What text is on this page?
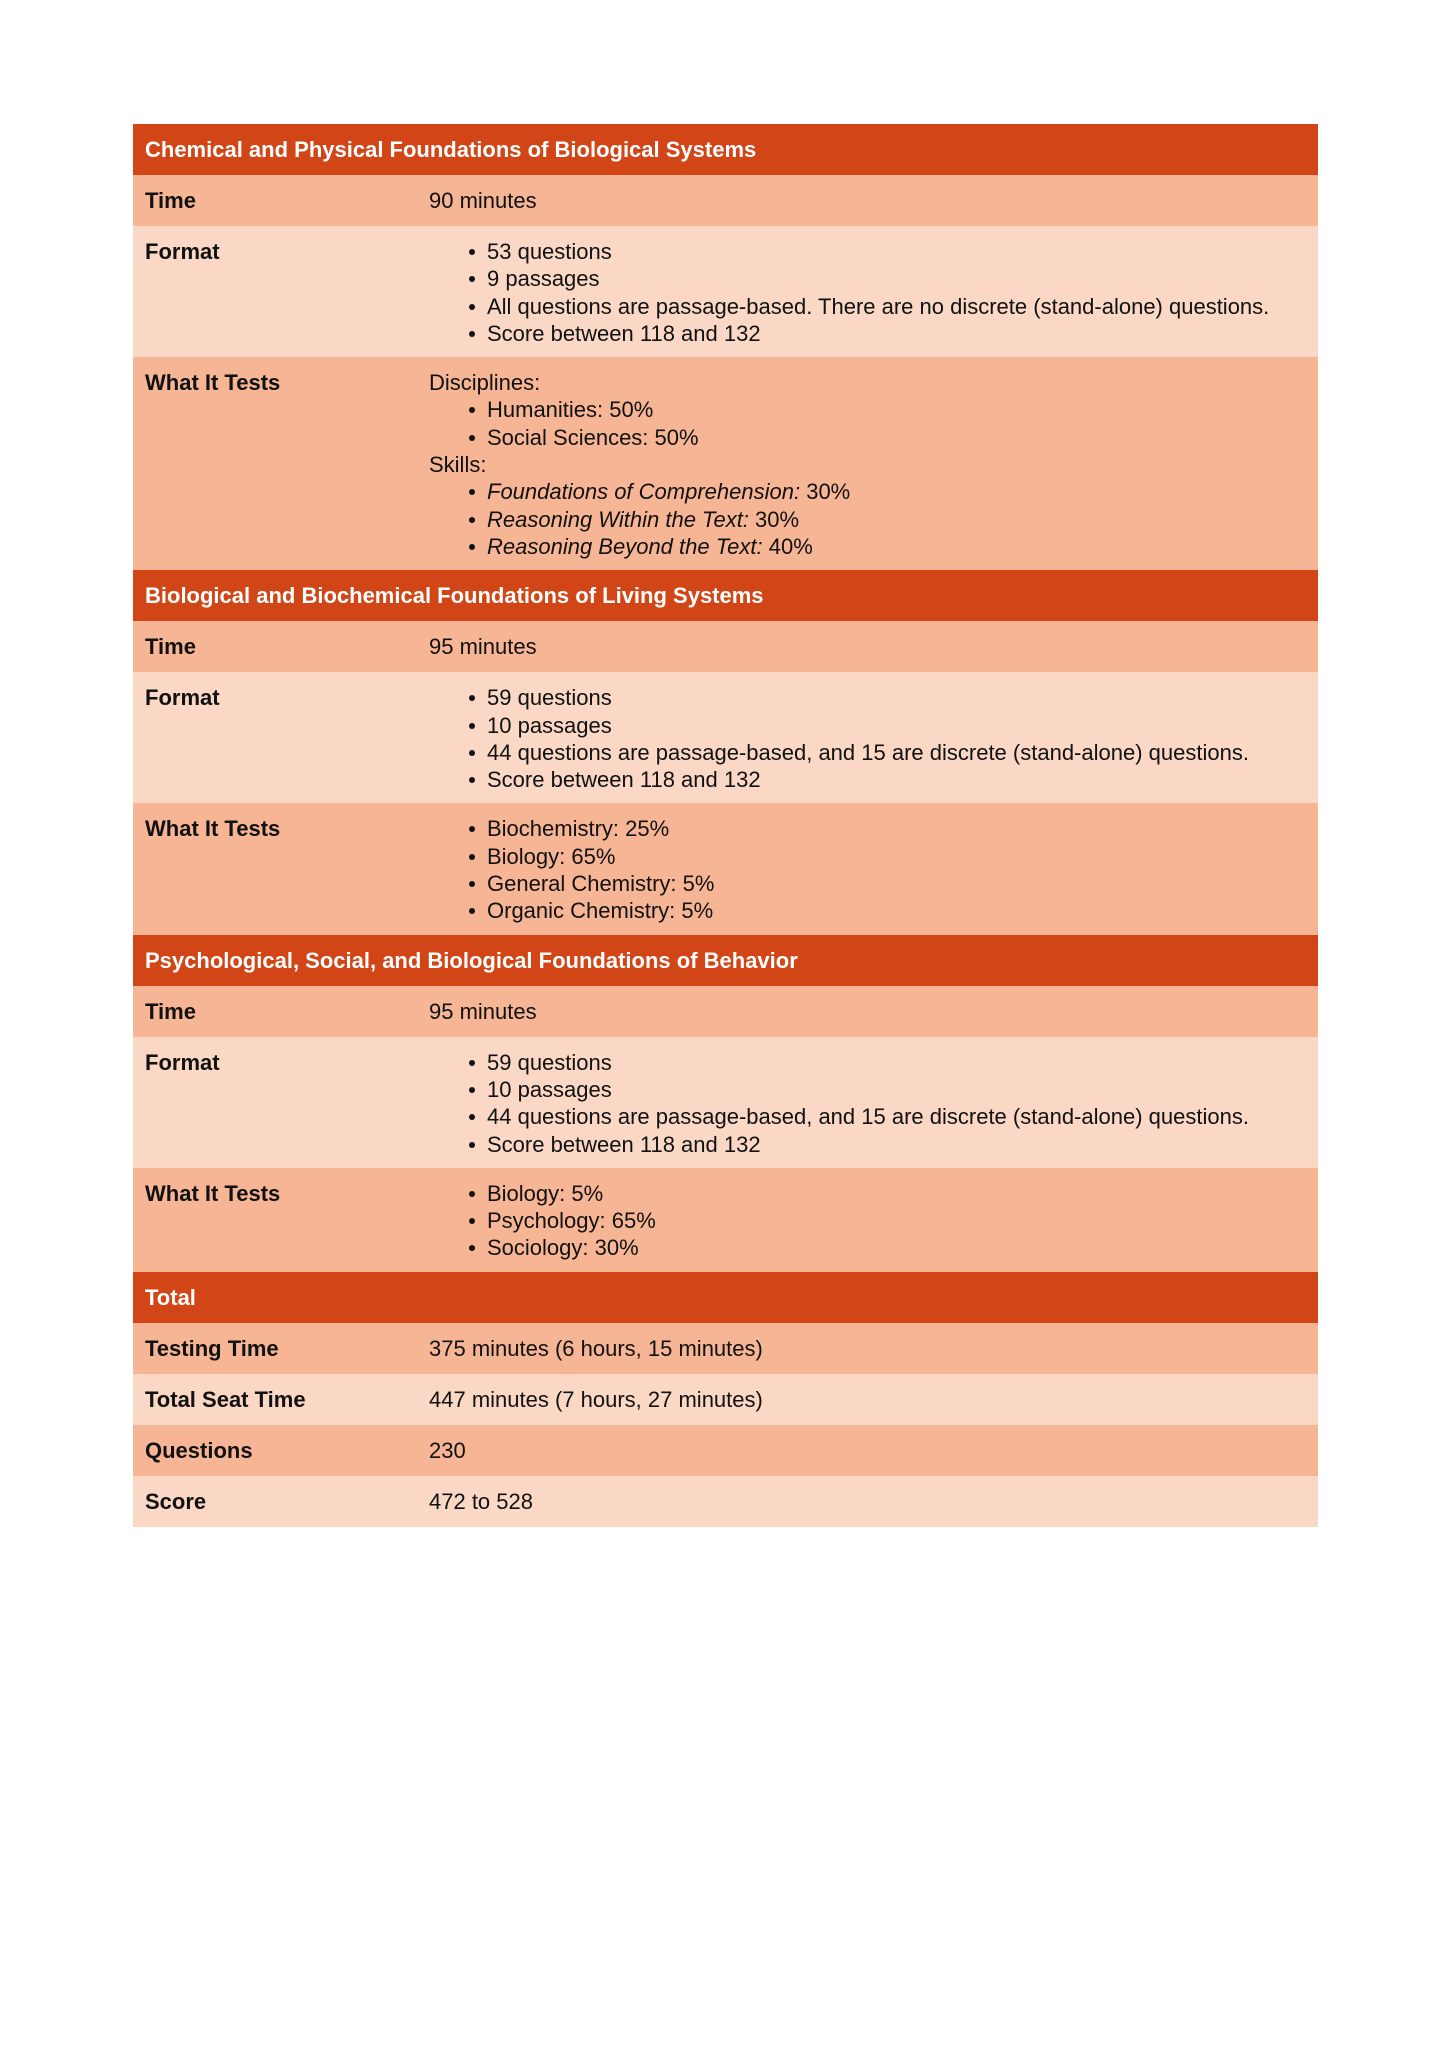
Chemical and Physical Foundations of Biological Systems
Time	90 minutes
Format	53 questions
9 passages
All questions are passage-based. There are no discrete (stand-alone) questions.
Score between 118 and 132
What It Tests	Disciplines:
Humanities: 50%
Social Sciences: 50%
Skills:
Foundations of Comprehension: 30%
Reasoning Within the Text: 30%
Reasoning Beyond the Text: 40%
Biological and Biochemical Foundations of Living Systems
Time	95 minutes
Format	59 questions
10 passages
44 questions are passage-based, and 15 are discrete (stand-alone) questions.
Score between 118 and 132
What It Tests	Biochemistry: 25%
Biology: 65%
General Chemistry: 5%
Organic Chemistry: 5%
Psychological, Social, and Biological Foundations of Behavior
Time	95 minutes
Format	59 questions
10 passages
44 questions are passage-based, and 15 are discrete (stand-alone) questions.
Score between 118 and 132
What It Tests	Biology: 5%
Psychology: 65%
Sociology: 30%
Total
Testing Time	375 minutes (6 hours, 15 minutes)
Total Seat Time	447 minutes (7 hours, 27 minutes)
Questions	230
Score	472 to 528
